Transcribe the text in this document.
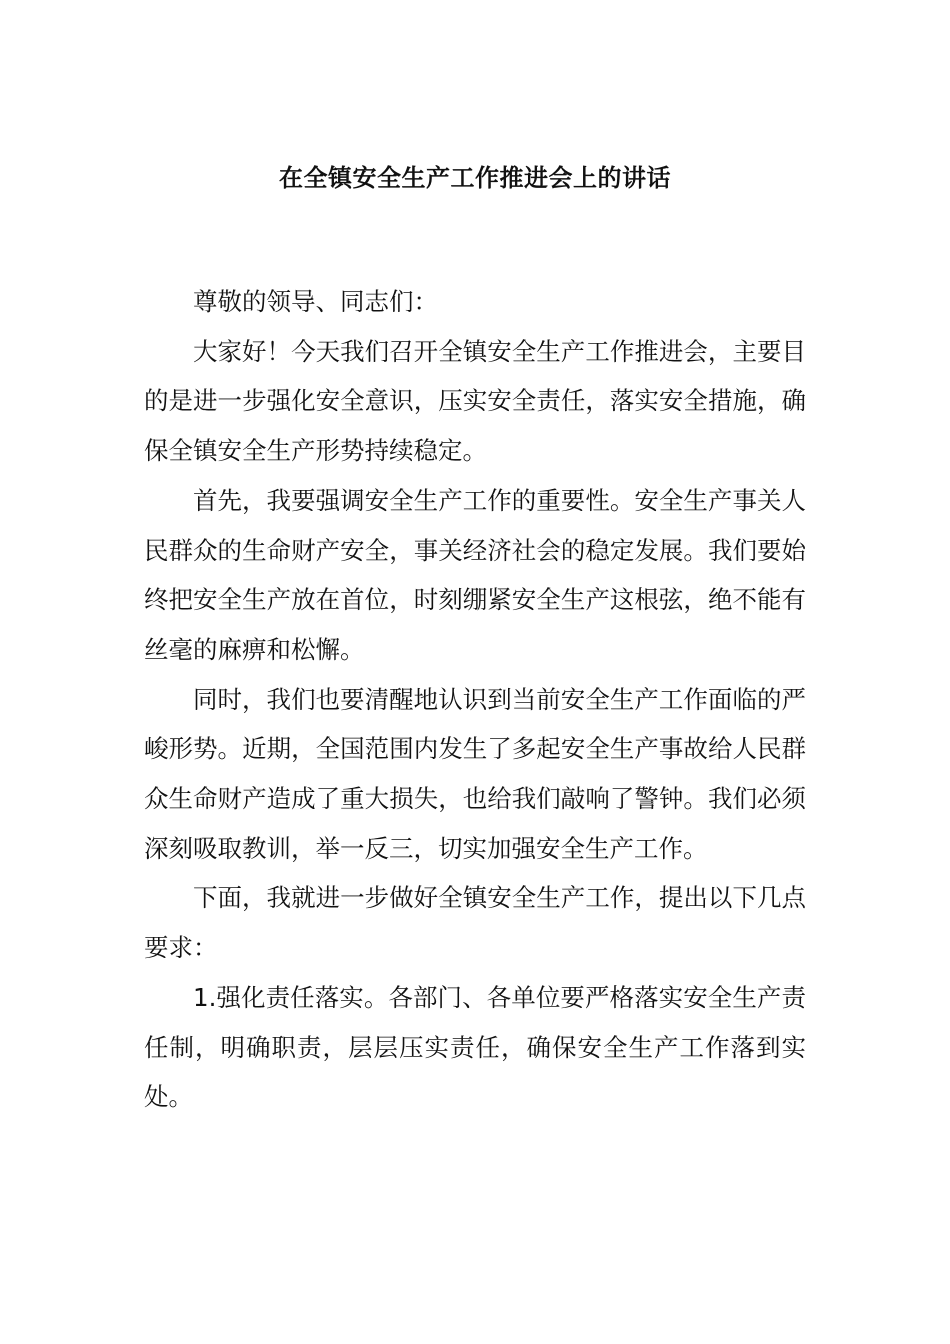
在全镇安全生产工作推进会上的讲话

尊敬的领导、同志们：

大家好！今天我们召开全镇安全生产工作推进会，主要目的是进一步强化安全意识，压实安全责任，落实安全措施，确保全镇安全生产形势持续稳定。

首先，我要强调安全生产工作的重要性。安全生产事关人民群众的生命财产安全，事关经济社会的稳定发展。我们要始终把安全生产放在首位，时刻绷紧安全生产这根弦，绝不能有丝毫的麻痹和松懈。

同时，我们也要清醒地认识到当前安全生产工作面临的严峻形势。近期，全国范围内发生了多起安全生产事故给人民群众生命财产造成了重大损失，也给我们敲响了警钟。我们必须深刻吸取教训，举一反三，切实加强安全生产工作。

下面，我就进一步做好全镇安全生产工作，提出以下几点要求：

1.强化责任落实。各部门、各单位要严格落实安全生产责任制，明确职责，层层压实责任，确保安全生产工作落到实处。
